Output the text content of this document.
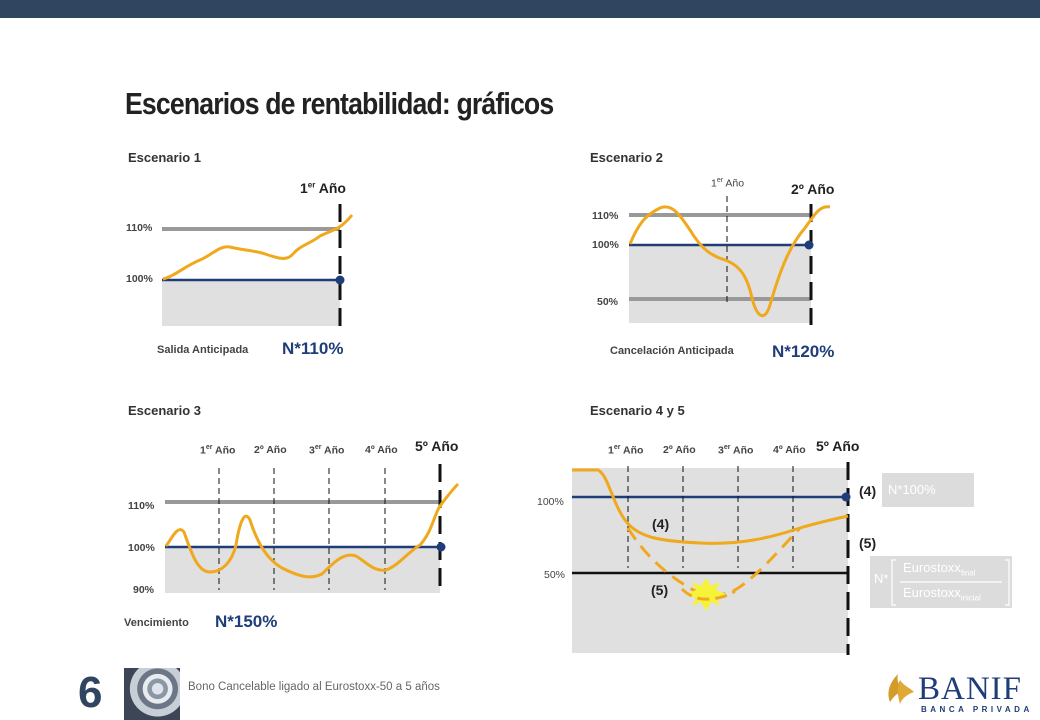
Escenarios de rentabilidad: gráficos
Escenario 1
1er Año
110%
100%
Salida Anticipada N*110%
Escenario 2
1er Año	2º Año
110%
100%
50%
Cancelación Anticipada N*120%
Escenario 3
1er Año 2º Año 3er Año 4º Año 5º Año
110%
100%
90%
Vencimiento N*150%
Escenario 4 y 5
1er Año 2º Año 3er Año 4º Año 5º Año
100%
50%
(4)
(5)
(4)
(5)
N*100%
N*
Eurostoxx$_{final}$
Eurostoxx$_{inicial}$
6	Bono Cancelable ligado al Eurostoxx-50 a 5 años	BANIF
BANCA PRIVADA
